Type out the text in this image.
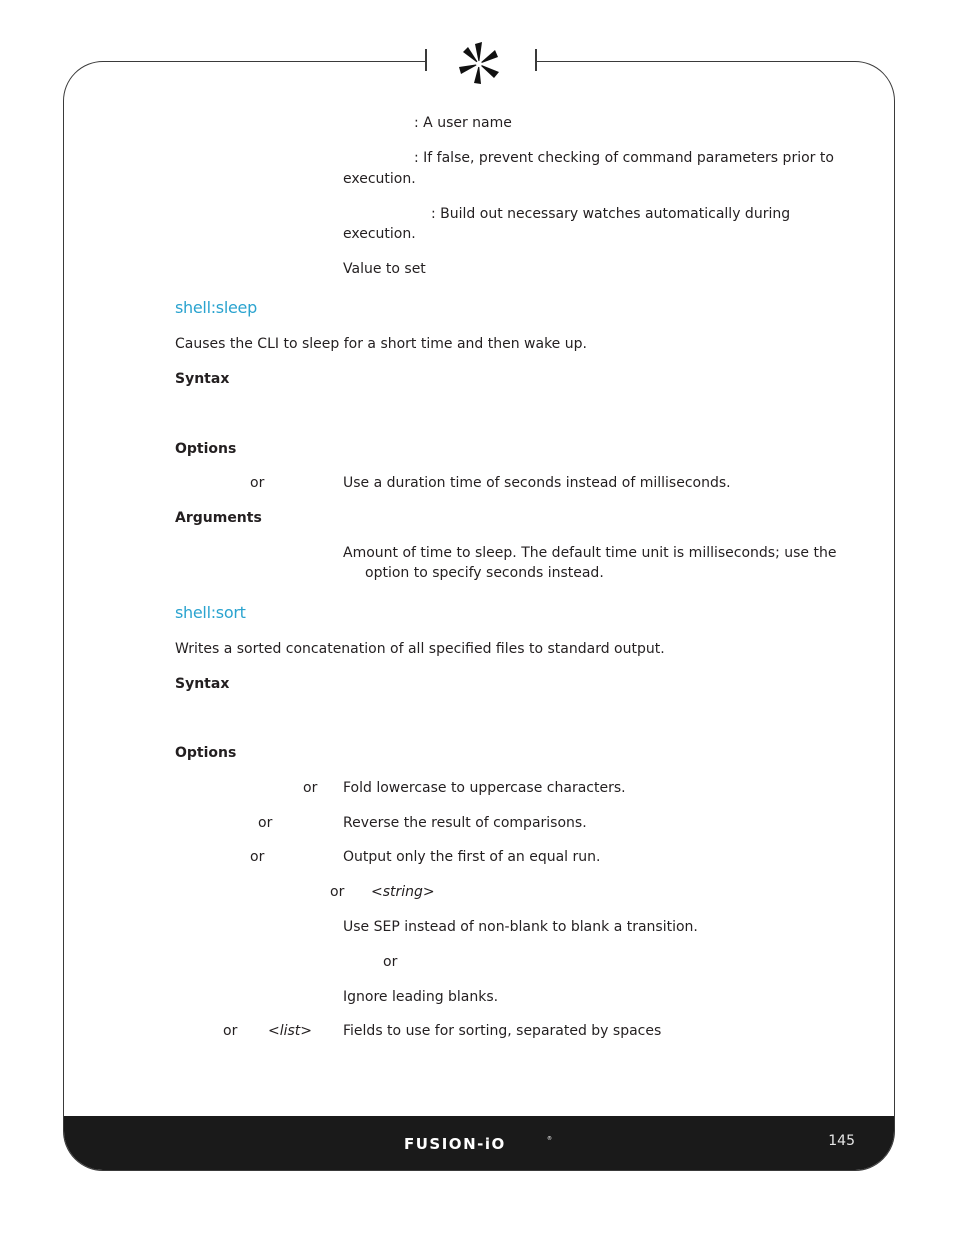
FUSION-iO	®	145
: A user name
: If false, prevent checking of command parameters prior to
execution.
: Build out necessary watches automatically during
execution.
Value to set
shell:sleep
Causes the CLI to sleep for a short time and then wake up.
Syntax
Options
or	Use a duration time of seconds instead of milliseconds.
Arguments
Amount of time to sleep. The default time unit is milliseconds; use the
option to specify seconds instead.
shell:sort
Writes a sorted concatenation of all specified files to standard output.
Syntax
Options
or Fold lowercase to uppercase characters.
or	Reverse the result of comparisons.
or	Output only the first of an equal run.
or <string>
Use SEP instead of non-blank to blank a transition.
or
Ignore leading blanks.
or <list> Fields to use for sorting, separated by spaces
